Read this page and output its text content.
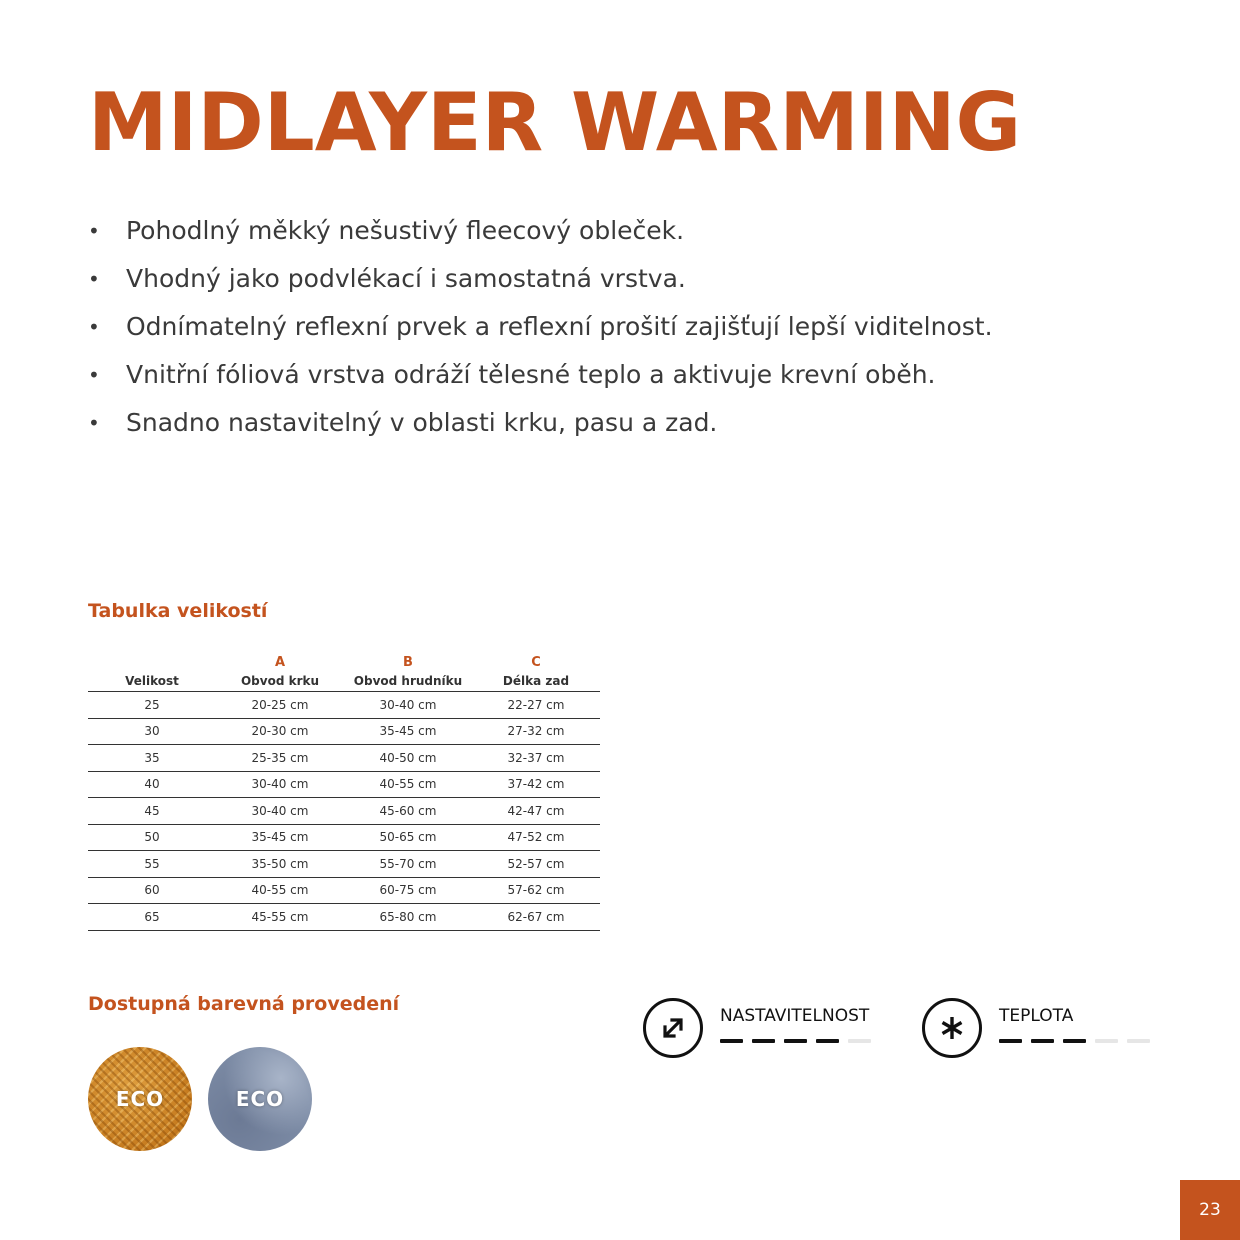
MIDLAYER WARMING
• Pohodlný měkký nešustivý fleecový obleček.
• Vhodný jako podvlékací i samostatná vrstva.
• Odnímatelný reflexní prvek a reflexní prošití zajišťují lepší viditelnost.
• Vnitřní fóliová vrstva odráží tělesné teplo a aktivuje krevní oběh.
• Snadno nastavitelný v oblasti krku, pasu a zad.
Tabulka velikostí
	A	B	C
Velikost	Obvod krku	Obvod hrudníku	Délka zad
25	20-25 cm	30-40 cm	22-27 cm
30	20-30 cm	35-45 cm	27-32 cm
35	25-35 cm	40-50 cm	32-37 cm
40	30-40 cm	40-55 cm	37-42 cm
45	30-40 cm	45-60 cm	42-47 cm
50	35-45 cm	50-65 cm	47-52 cm
55	35-50 cm	55-70 cm	52-57 cm
60	40-55 cm	60-75 cm	57-62 cm
65	45-55 cm	65-80 cm	62-67 cm
Dostupná barevná provedení
ECO	ECO
NASTAVITELNOST	TEPLOTA
23
